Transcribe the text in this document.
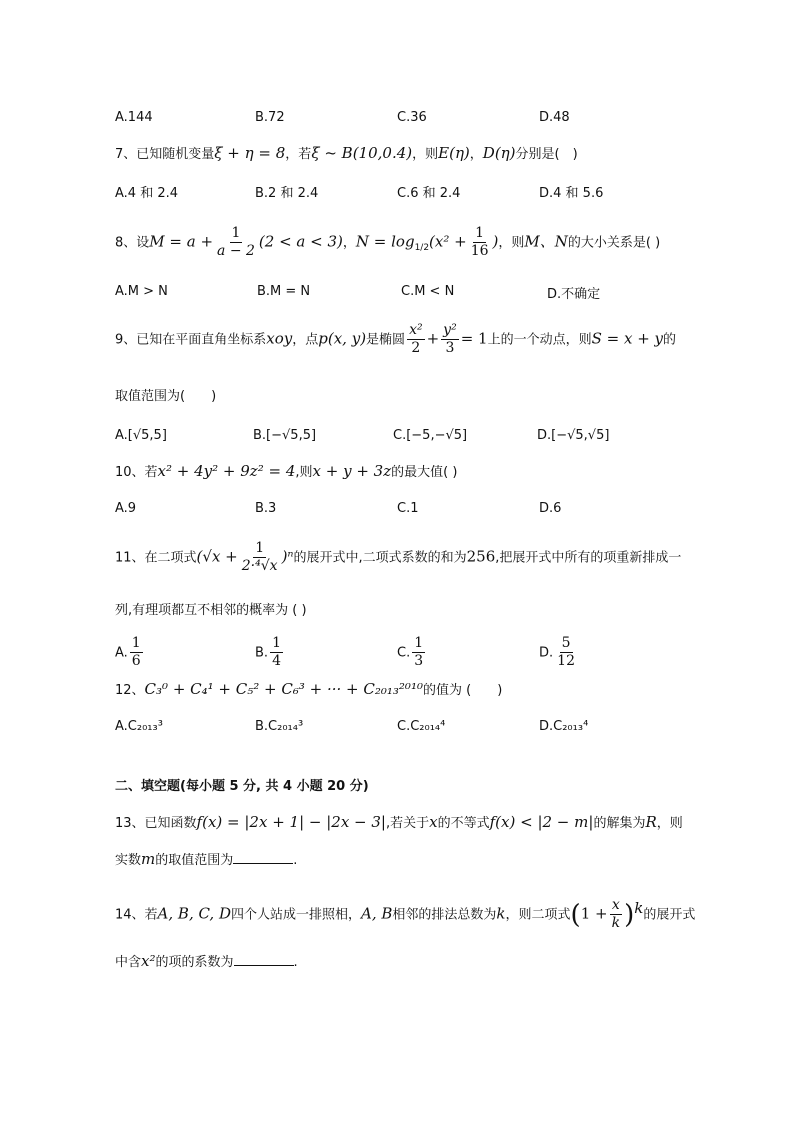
A.144	B.72	C.36	D.48
7、已知随机变量ξ + η = 8，若ξ ~ B(10,0.4)，则E(η)，D(η)分别是(　)
A.4 和 2.4	B.2 和 2.4	C.6 和 2.4	D.4 和 5.6
8、设$M = a + \frac{1}{a - 2} (2 < a < 3)$，$N = \log_{1/2}(x^2 + \frac{1}{16}$ )，则M、N的大小关系是( )
A.M > N	B.M = N	C.M < N	D.不确定
9、已知在平面直角坐标系xoy，点p(x, y)是椭圆 $\frac{\text{x²}}{2} + \frac{\text{y²}}{3} = 1$上的一个动点，则S = x + y的
取值范围为(　　)
A.[√5,5]	B.[−√5,5]	C.[−5,−√5]	D.[−√5,√5]
10、若x² + 4y² + 9z² = 4,则x + y + 3z的最大值( )
A.9	B.3	C.1	D.6
11、在二项式$(√x + \frac{1}{\text{2·⁴√x}} )^n$的展开式中,二项式系数的和为256,把展开式中所有的项重新排成一
列,有理项都互不相邻的概率为 ( )
A. $\frac{1}{6}$	B. $\frac{1}{4}$	C. $\frac{1}{3}$	D. $\frac{5}{12}$
12、C₃⁰ + C₄¹ + C₅² + C₆³ + ··· + C₂₀₁₃²⁰¹⁰的值为 (　　)
A.C₂₀₁₃³	B.C₂₀₁₄³	C.C₂₀₁₄⁴	D.C₂₀₁₃⁴
二、填空题(每小题 5 分, 共 4 小题 20 分)
13、已知函数f(x) = |2x + 1| − |2x − 3|,若关于x的不等式f(x) < |2 − m|的解集为R，则
实数m的取值范围为	.
14、若A, B, C, D四个人站成一排照相，A, B相邻的排法总数为k，则二项式$(1 + \frac{x}{k} )^k$的展开式
中含x²的项的系数为	.
